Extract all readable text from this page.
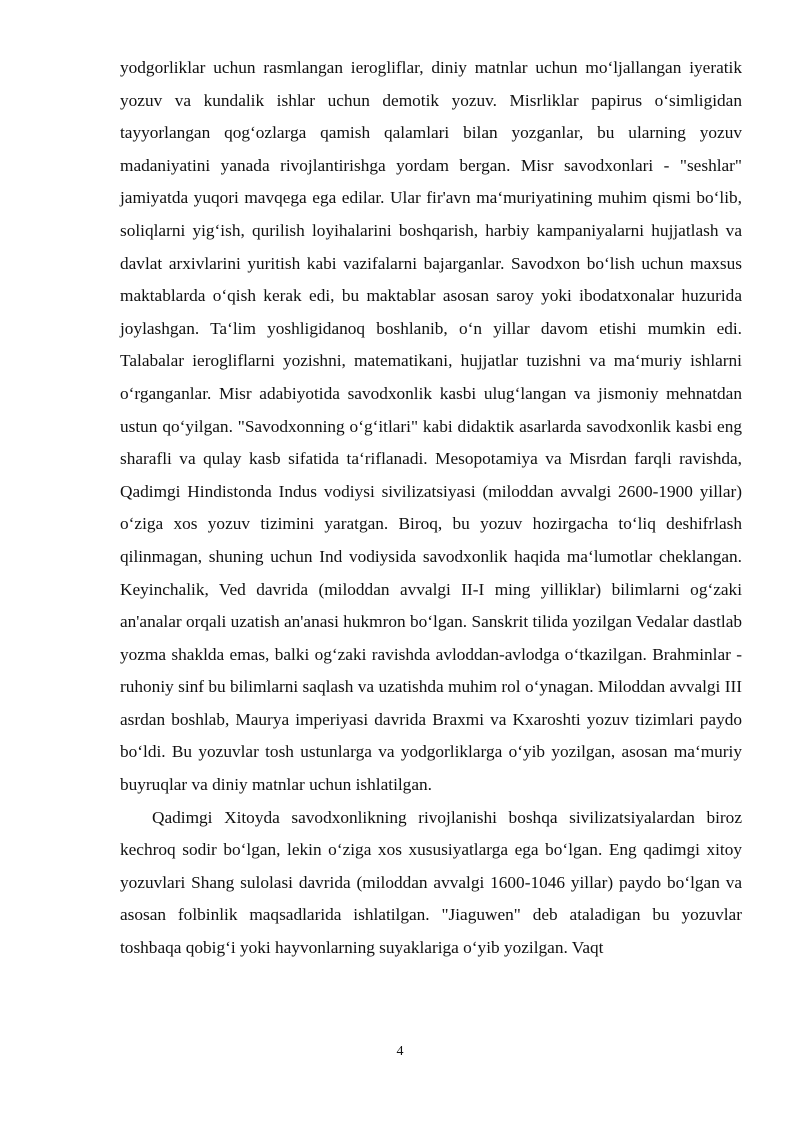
yodgorliklar uchun rasmlangan ierogliflar, diniy matnlar uchun moʻljallangan iyeratik yozuv va kundalik ishlar uchun demotik yozuv. Misrliklar papirus oʻsimligidan tayyorlangan qogʻozlarga qamish qalamlari bilan yozganlar, bu ularning yozuv madaniyatini yanada rivojlantirishga yordam bergan. Misr savodxonlari - "seshlar" jamiyatda yuqori mavqega ega edilar. Ular fir'avn maʻmuriyatining muhim qismi boʻlib, soliqlarni yigʻish, qurilish loyihalarini boshqarish, harbiy kampaniyalarni hujjatlash va davlat arxivlarini yuritish kabi vazifalarni bajarganlar. Savodxon boʻlish uchun maxsus maktablarda oʻqish kerak edi, bu maktablar asosan saroy yoki ibodatxonalar huzurida joylashgan. Taʻlim yoshligidanoq boshlanib, oʻn yillar davom etishi mumkin edi. Talabalar ierogliflarni yozishni, matematikani, hujjatlar tuzishni va maʻmuriy ishlarni oʻrganganlar. Misr adabiyotida savodxonlik kasbi ulugʻlangan va jismoniy mehnatdan ustun qoʻyilgan. "Savodxonning oʻgʻitlari" kabi didaktik asarlarda savodxonlik kasbi eng sharafli va qulay kasb sifatida taʻriflanadi. Mesopotamiya va Misrdan farqli ravishda, Qadimgi Hindistonda Indus vodiysi sivilizatsiyasi (miloddan avvalgi 2600-1900 yillar) oʻziga xos yozuv tizimini yaratgan. Biroq, bu yozuv hozirgacha toʻliq deshifrlash qilinmagan, shuning uchun Ind vodiysida savodxonlik haqida maʻlumotlar cheklangan. Keyinchalik, Ved davrida (miloddan avvalgi II-I ming yilliklar) bilimlarni ogʻzaki an'analar orqali uzatish an'anasi hukmron boʻlgan. Sanskrit tilida yozilgan Vedalar dastlab yozma shaklda emas, balki ogʻzaki ravishda avloddan-avlodga oʻtkazilgan. Brahminlar - ruhoniy sinf bu bilimlarni saqlash va uzatishda muhim rol oʻynagan. Miloddan avvalgi III asrdan boshlab, Maurya imperiyasi davrida Braxmi va Kxaroshti yozuv tizimlari paydo boʻldi. Bu yozuvlar tosh ustunlarga va yodgorliklarga oʻyib yozilgan, asosan maʻmuriy buyruqlar va diniy matnlar uchun ishlatilgan.

Qadimgi Xitoyda savodxonlikning rivojlanishi boshqa sivilizatsiyalardan biroz kechroq sodir boʻlgan, lekin oʻziga xos xususiyatlarga ega boʻlgan. Eng qadimgi xitoy yozuvlari Shang sulolasi davrida (miloddan avvalgi 1600-1046 yillar) paydo boʻlgan va asosan folbinlik maqsadlarida ishlatilgan. "Jiaguwen" deb ataladigan bu yozuvlar toshbaqa qobigʻi yoki hayvonlarning suyaklariga oʻyib yozilgan. Vaqt

4
